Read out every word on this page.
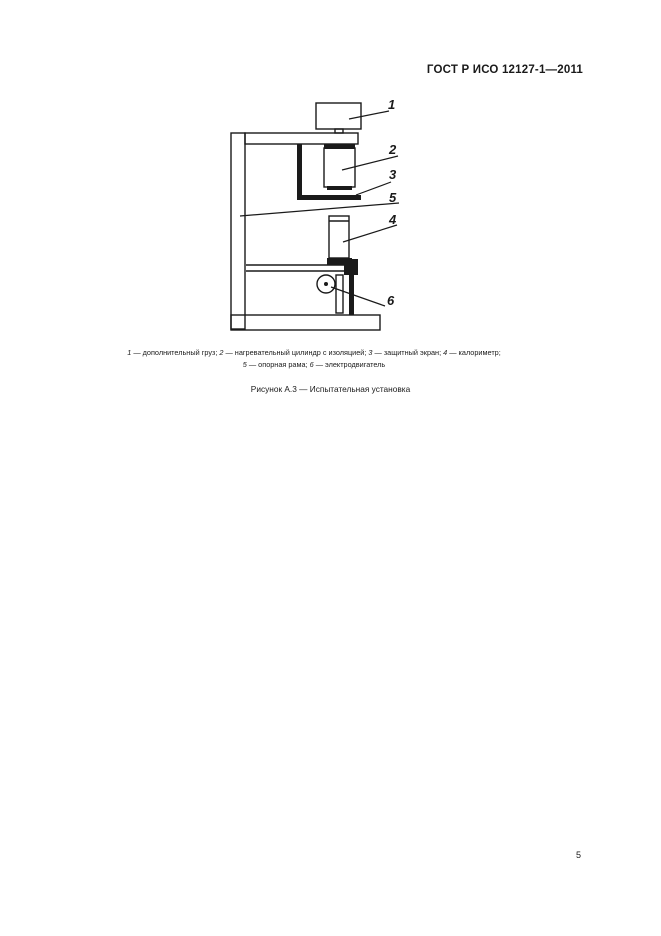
ГОСТ Р ИСО 12127-1—2011
1
2
3
5
4
6
1 — дополнительный груз; 2 — нагревательный цилиндр с изоляцией; 3 — защитный экран; 4 — калориметр;
5 — опорная рама; 6 — электродвигатель
Рисунок А.3 — Испытательная установка
5
